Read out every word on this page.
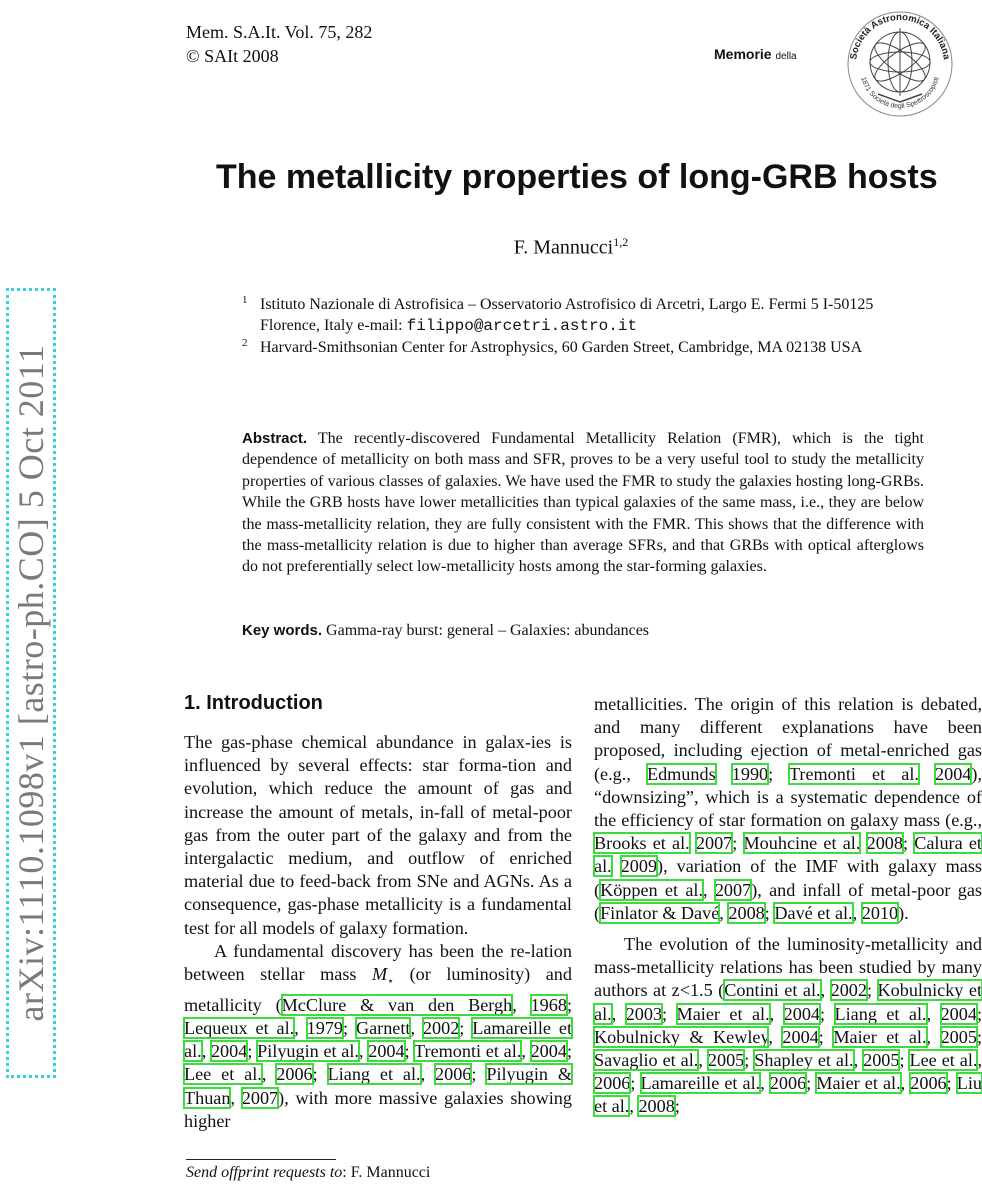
arXiv:1110.1098v1 [astro-ph.CO] 5 Oct 2011
Mem. S.A.It. Vol. 75, 282
© SAIt 2008	Memorie della	Società Astronomica Italiana
1871 Società degli Spettroscopisti
The metallicity properties of long-GRB hosts
F. Mannucci$^{1,2}$
1 Istituto Nazionale di Astrofisica – Osservatorio Astrofisico di Arcetri, Largo E. Fermi 5 I-50125 Florence, Italy e-mail: filippo@arcetri.astro.it
2 Harvard-Smithsonian Center for Astrophysics, 60 Garden Street, Cambridge, MA 02138 USA
Abstract. The recently-discovered Fundamental Metallicity Relation (FMR), which is the tight dependence of metallicity on both mass and SFR, proves to be a very useful tool to study the metallicity properties of various classes of galaxies. We have used the FMR to study the galaxies hosting long-GRBs. While the GRB hosts have lower metallicities than typical galaxies of the same mass, i.e., they are below the mass-metallicity relation, they are fully consistent with the FMR. This shows that the difference with the mass-metallicity relation is due to higher than average SFRs, and that GRBs with optical afterglows do not preferentially select low-metallicity hosts among the star-forming galaxies.
Key words. Gamma-ray burst: general – Galaxies: abundances
1. Introduction

The gas-phase chemical abundance in galax-ies is influenced by several effects: star forma-tion and evolution, which reduce the amount of gas and increase the amount of metals, in-fall of metal-poor gas from the outer part of the galaxy and from the intergalactic medium, and outflow of enriched material due to feed-back from SNe and AGNs. As a consequence, gas-phase metallicity is a fundamental test for all models of galaxy formation.

A fundamental discovery has been the re-lation between stellar mass $M_⋆$ (or luminosity) and metallicity (McClure & van den Bergh, 1968; Lequeux et al., 1979; Garnett, 2002; Lamareille et al., 2004; Pilyugin et al., 2004; Tremonti et al., 2004; Lee et al., 2006; Liang et al., 2006; Pilyugin & Thuan, 2007), with more massive galaxies showing higher

metallicities. The origin of this relation is debated, and many different explanations have been proposed, including ejection of metal-enriched gas (e.g., Edmunds 1990; Tremonti et al. 2004), “downsizing”, which is a systematic dependence of the efficiency of star formation on galaxy mass (e.g., Brooks et al. 2007; Mouhcine et al. 2008; Calura et al. 2009), variation of the IMF with galaxy mass (Köppen et al., 2007), and infall of metal-poor gas (Finlator & Davé, 2008; Davé et al., 2010).

The evolution of the luminosity-metallicity and mass-metallicity relations has been studied by many authors at z<1.5 (Contini et al., 2002; Kobulnicky et al., 2003; Maier et al., 2004; Liang et al., 2004; Kobulnicky & Kewley, 2004; Maier et al., 2005; Savaglio et al., 2005; Shapley et al., 2005; Lee et al., 2006; Lamareille et al., 2006; Maier et al., 2006; Liu et al., 2008;

Send offprint requests to: F. Mannucci
